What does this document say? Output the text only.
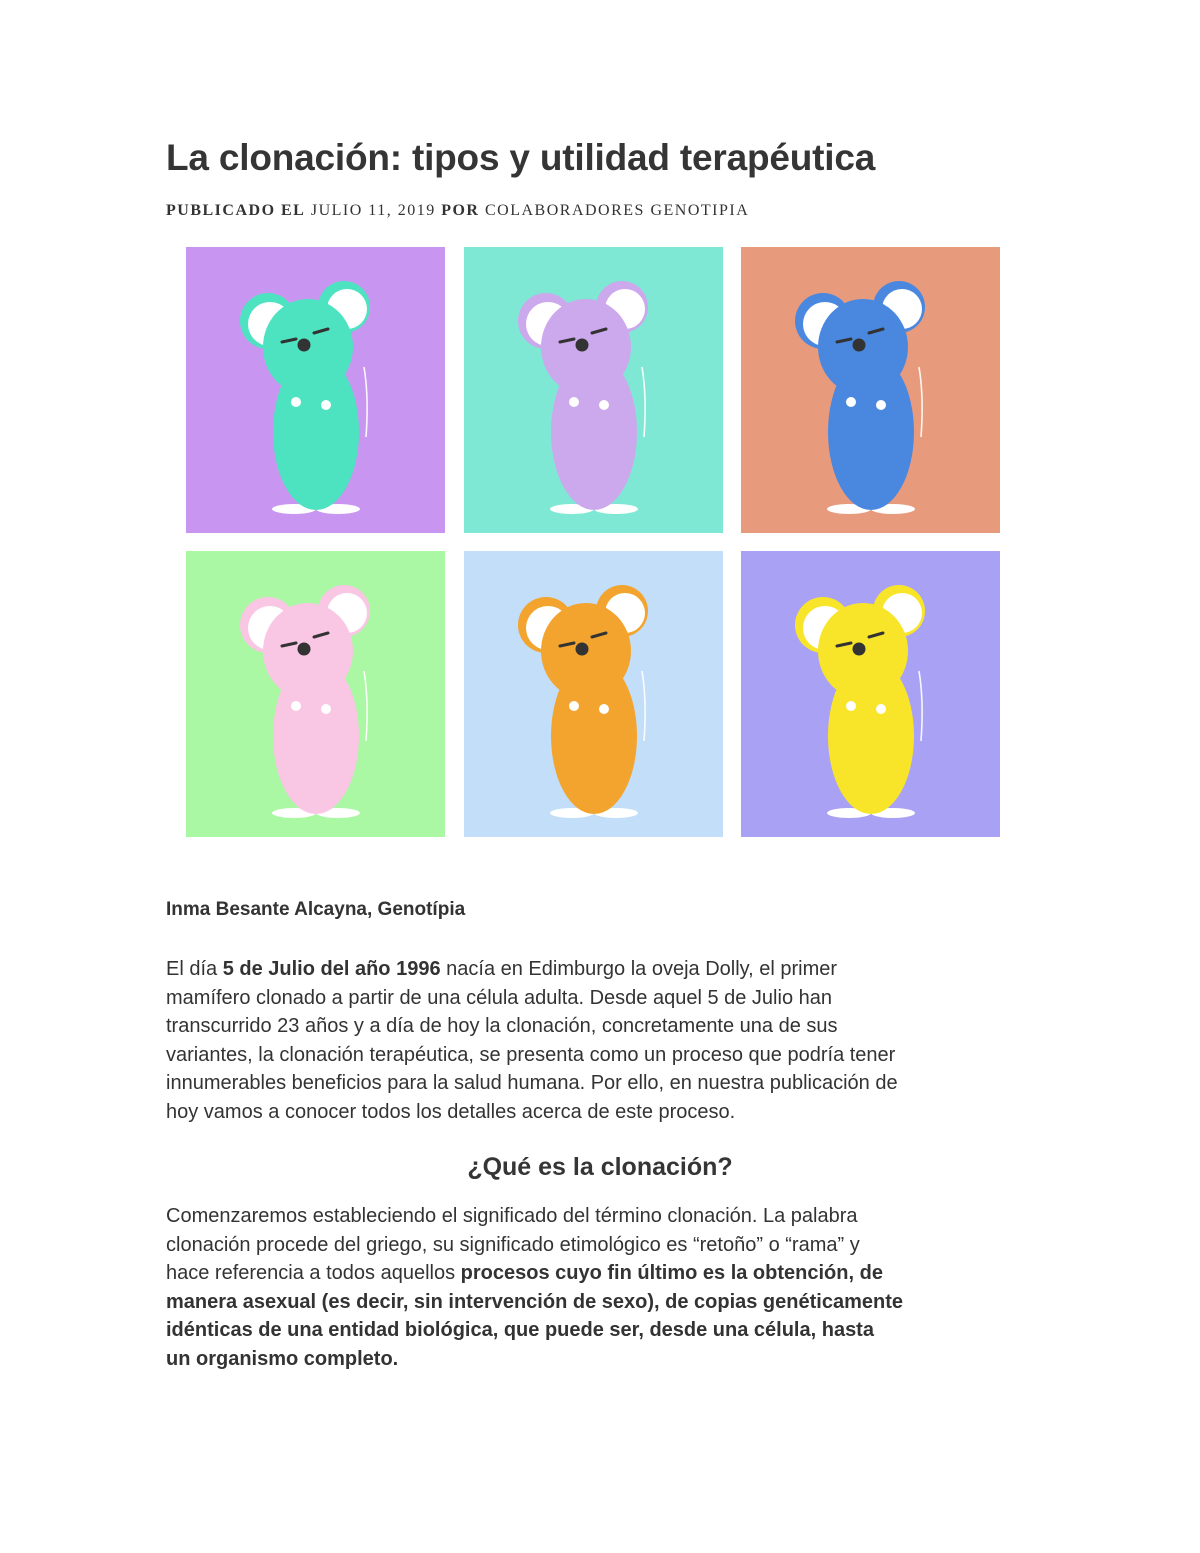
La clonación: tipos y utilidad terapéutica
PUBLICADO EL JULIO 11, 2019 POR COLABORADORES GENOTIPIA
Inma Besante Alcayna, Genotípia

El día 5 de Julio del año 1996 nacía en Edimburgo la oveja Dolly, el primer
mamífero clonado a partir de una célula adulta. Desde aquel 5 de Julio han
transcurrido 23 años y a día de hoy la clonación, concretamente una de sus
variantes, la clonación terapéutica, se presenta como un proceso que podría tener
innumerables beneficios para la salud humana. Por ello, en nuestra publicación de
hoy vamos a conocer todos los detalles acerca de este proceso.

¿Qué es la clonación?

Comenzaremos estableciendo el significado del término clonación. La palabra
clonación procede del griego, su significado etimológico es “retoño” o “rama” y
hace referencia a todos aquellos procesos cuyo fin último es la obtención, de
manera asexual (es decir, sin intervención de sexo), de copias genéticamente
idénticas de una entidad biológica, que puede ser, desde una célula, hasta
un organismo completo.
